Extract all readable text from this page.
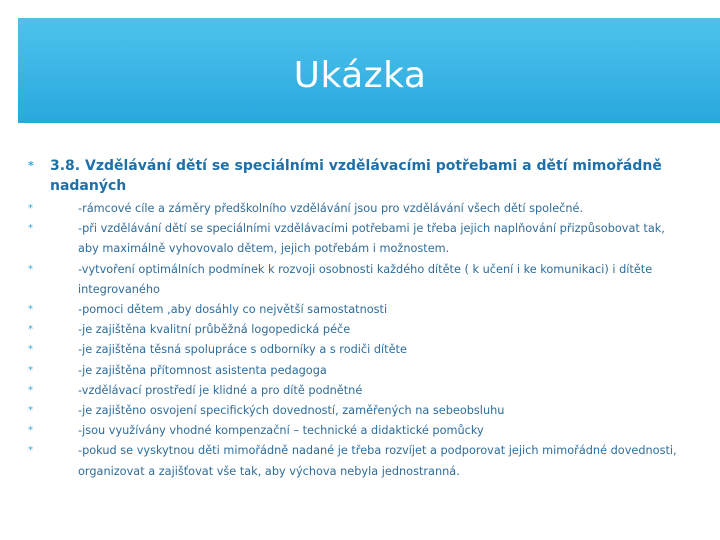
Ukázka
* 3.8. Vzdělávání dětí se speciálními vzdělávacími potřebami a dětí mimořádně nadaných
*	-rámcové cíle a záměry předškolního vzdělávání jsou pro vzdělávání všech dětí společné.
*	-při vzdělávání dětí se speciálními vzdělávacími potřebami je třeba jejich naplňování přizpůsobovat tak, aby maximálně vyhovovalo dětem, jejich potřebám i možnostem.
*	-vytvoření optimálních podmínek k rozvoji osobnosti každého dítěte ( k učení i ke komunikaci) i dítěte integrovaného
*	-pomoci dětem ,aby dosáhly co největší samostatnosti
*	-je zajištěna kvalitní průběžná logopedická péče
*	-je zajištěna těsná spolupráce s odborníky a s rodiči dítěte
*	-je zajištěna přítomnost asistenta pedagoga
*	-vzdělávací prostředí je klidné a pro dítě podnětné
*	-je zajištěno osvojení specifických dovedností, zaměřených na sebeobsluhu
*	-jsou využívány vhodné kompenzační – technické a didaktické pomůcky
*	-pokud se vyskytnou děti mimořádně nadané je třeba rozvíjet a podporovat jejich mimořádné dovednosti, organizovat a zajišťovat vše tak, aby výchova nebyla jednostranná.
